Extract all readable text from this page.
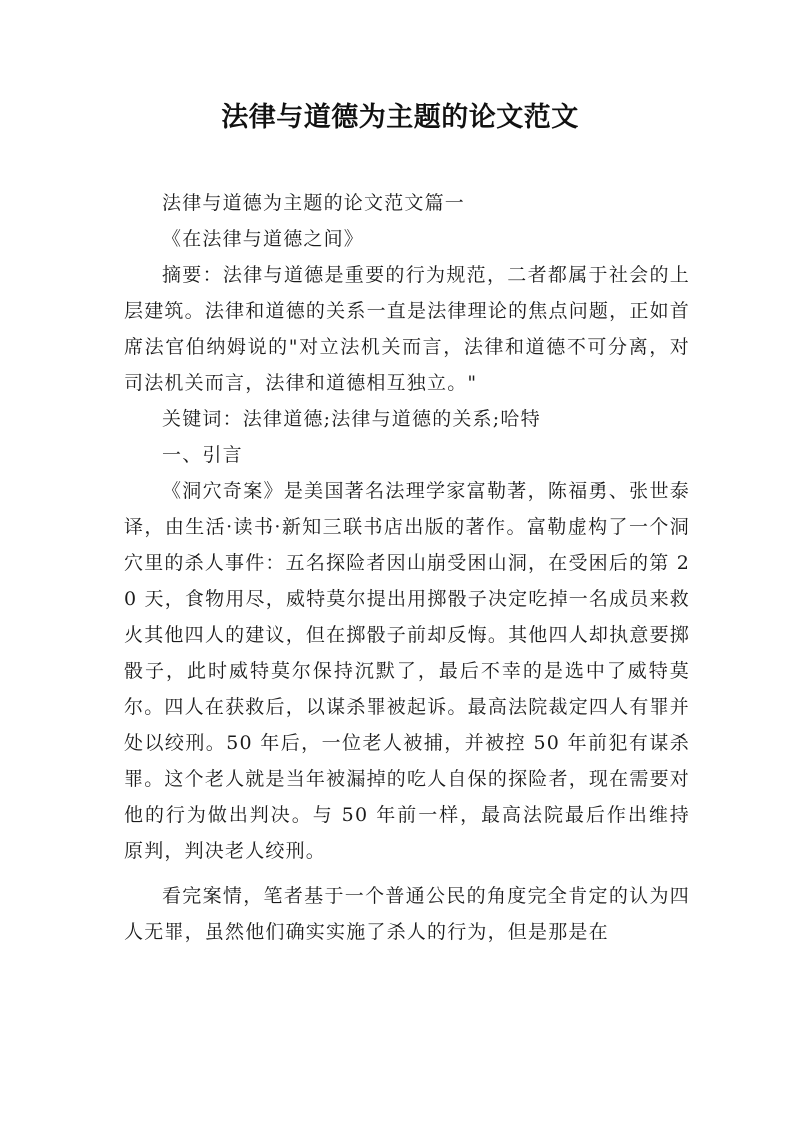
法律与道德为主题的论文范文

法律与道德为主题的论文范文篇一

《在法律与道德之间》

摘要：法律与道德是重要的行为规范，二者都属于社会的上层建筑。法律和道德的关系一直是法律理论的焦点问题，正如首席法官伯纳姆说的"对立法机关而言，法律和道德不可分离，对司法机关而言，法律和道德相互独立。"

关键词：法律道德;法律与道德的关系;哈特

一、引言

《洞穴奇案》是美国著名法理学家富勒著，陈福勇、张世泰译，由生活·读书·新知三联书店出版的著作。富勒虚构了一个洞穴里的杀人事件：五名探险者因山崩受困山洞，在受困后的第 20 天，食物用尽，威特莫尔提出用掷骰子决定吃掉一名成员来救火其他四人的建议，但在掷骰子前却反悔。其他四人却执意要掷骰子，此时威特莫尔保持沉默了，最后不幸的是选中了威特莫尔。四人在获救后，以谋杀罪被起诉。最高法院裁定四人有罪并处以绞刑。50 年后，一位老人被捕，并被控 50 年前犯有谋杀罪。这个老人就是当年被漏掉的吃人自保的探险者，现在需要对他的行为做出判决。与 50 年前一样，最高法院最后作出维持原判，判决老人绞刑。

看完案情，笔者基于一个普通公民的角度完全肯定的认为四人无罪，虽然他们确实实施了杀人的行为，但是那是在
